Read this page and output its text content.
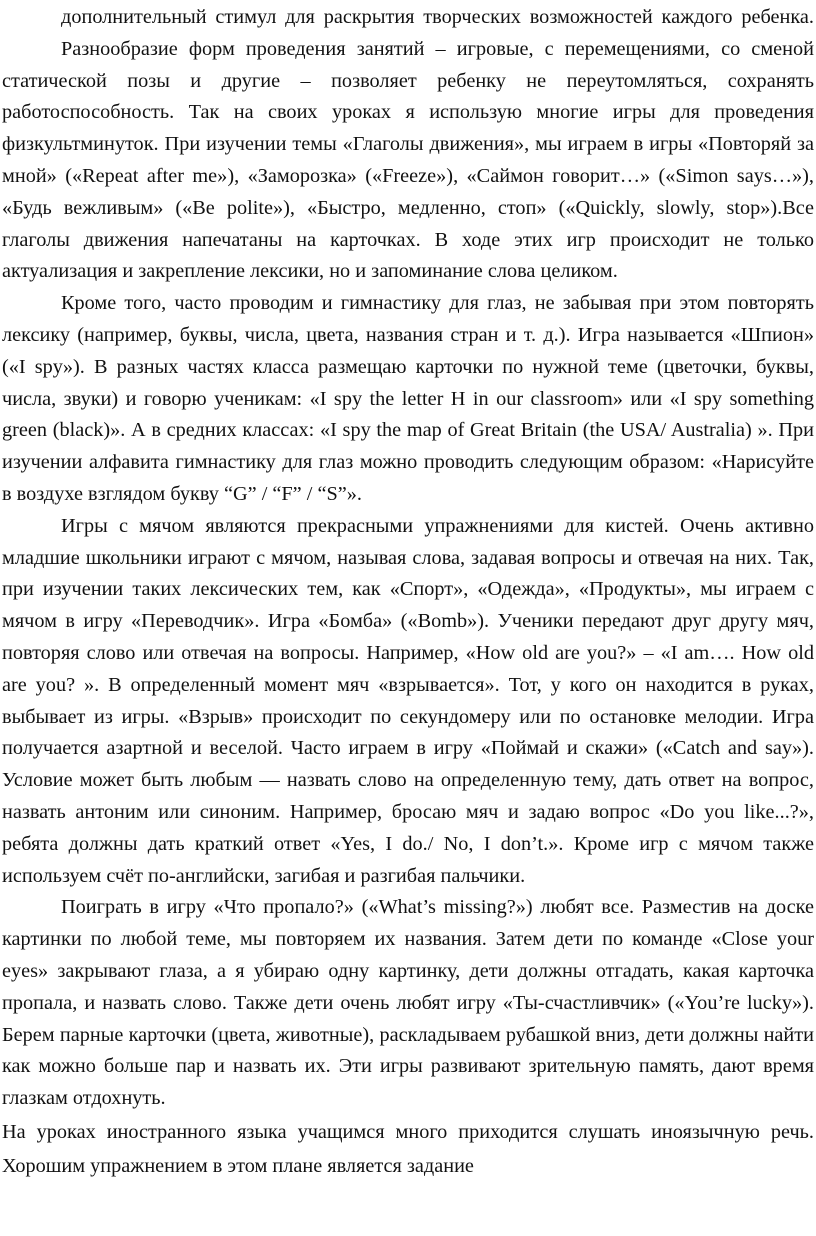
дополнительный стимул для раскрытия творческих возможностей каждого ребенка.

Разнообразие форм проведения занятий – игровые, с перемещениями, со сменой статической позы и другие – позволяет ребенку не переутомляться, сохранять работоспособность. Так на своих уроках я использую многие игры для проведения физкультминуток. При изучении темы «Глаголы движения», мы играем в игры «Повторяй за мной» («Repeat after me»), «Заморозка» («Freeze»), «Саймон говорит…» («Simon says…»), «Будь вежливым» («Be polite»), «Быстро, медленно, стоп» («Quickly, slowly, stop»).Все глаголы движения напечатаны на карточках. В ходе этих игр происходит не только актуализация и закрепление лексики, но и запоминание слова целиком.

Кроме того, часто проводим и гимнастику для глаз, не забывая при этом повторять лексику (например, буквы, числа, цвета, названия стран и т. д.). Игра называется «Шпион» («I spy»). В разных частях класса размещаю карточки по нужной теме (цветочки, буквы, числа, звуки) и говорю ученикам: «I spy the letter H in our classroom» или «I spy something green (black)». А в средних классах: «I spy the map of Great Britain (the USA/ Australia) ». При изучении алфавита гимнастику для глаз можно проводить следующим образом: «Нарисуйте в воздухе взглядом букву “G” / “F” / “S”».

Игры с мячом являются прекрасными упражнениями для кистей. Очень активно младшие школьники играют с мячом, называя слова, задавая вопросы и отвечая на них. Так, при изучении таких лексических тем, как «Спорт», «Одежда», «Продукты», мы играем с мячом в игру «Переводчик». Игра «Бомба» («Bomb»). Ученики передают друг другу мяч, повторяя слово или отвечая на вопросы. Например, «How old are you?» – «I am…. How old are you? ». В определенный момент мяч «взрывается». Тот, у кого он находится в руках, выбывает из игры. «Взрыв» происходит по секундомеру или по остановке мелодии. Игра получается азартной и веселой. Часто играем в игру «Поймай и скажи» («Catch and say»). Условие может быть любым — назвать слово на определенную тему, дать ответ на вопрос, назвать антоним или синоним. Например, бросаю мяч и задаю вопрос «Do you like...?», ребята должны дать краткий ответ «Yes, I do./ No, I don’t.». Кроме игр с мячом также используем счёт по-английски, загибая и разгибая пальчики.

Поиграть в игру «Что пропало?» («What’s missing?») любят все. Разместив на доске картинки по любой теме, мы повторяем их названия. Затем дети по команде «Close your eyes» закрывают глаза, а я убираю одну картинку, дети должны отгадать, какая карточка пропала, и назвать слово. Также дети очень любят игру «Ты-счастливчик» («You’re lucky»). Берем парные карточки (цвета, животные), раскладываем рубашкой вниз, дети должны найти как можно больше пар и назвать их. Эти игры развивают зрительную память, дают время глазкам отдохнуть.

На уроках иностранного языка учащимся много приходится слушать иноязычную речь. Хорошим упражнением в этом плане является задание
